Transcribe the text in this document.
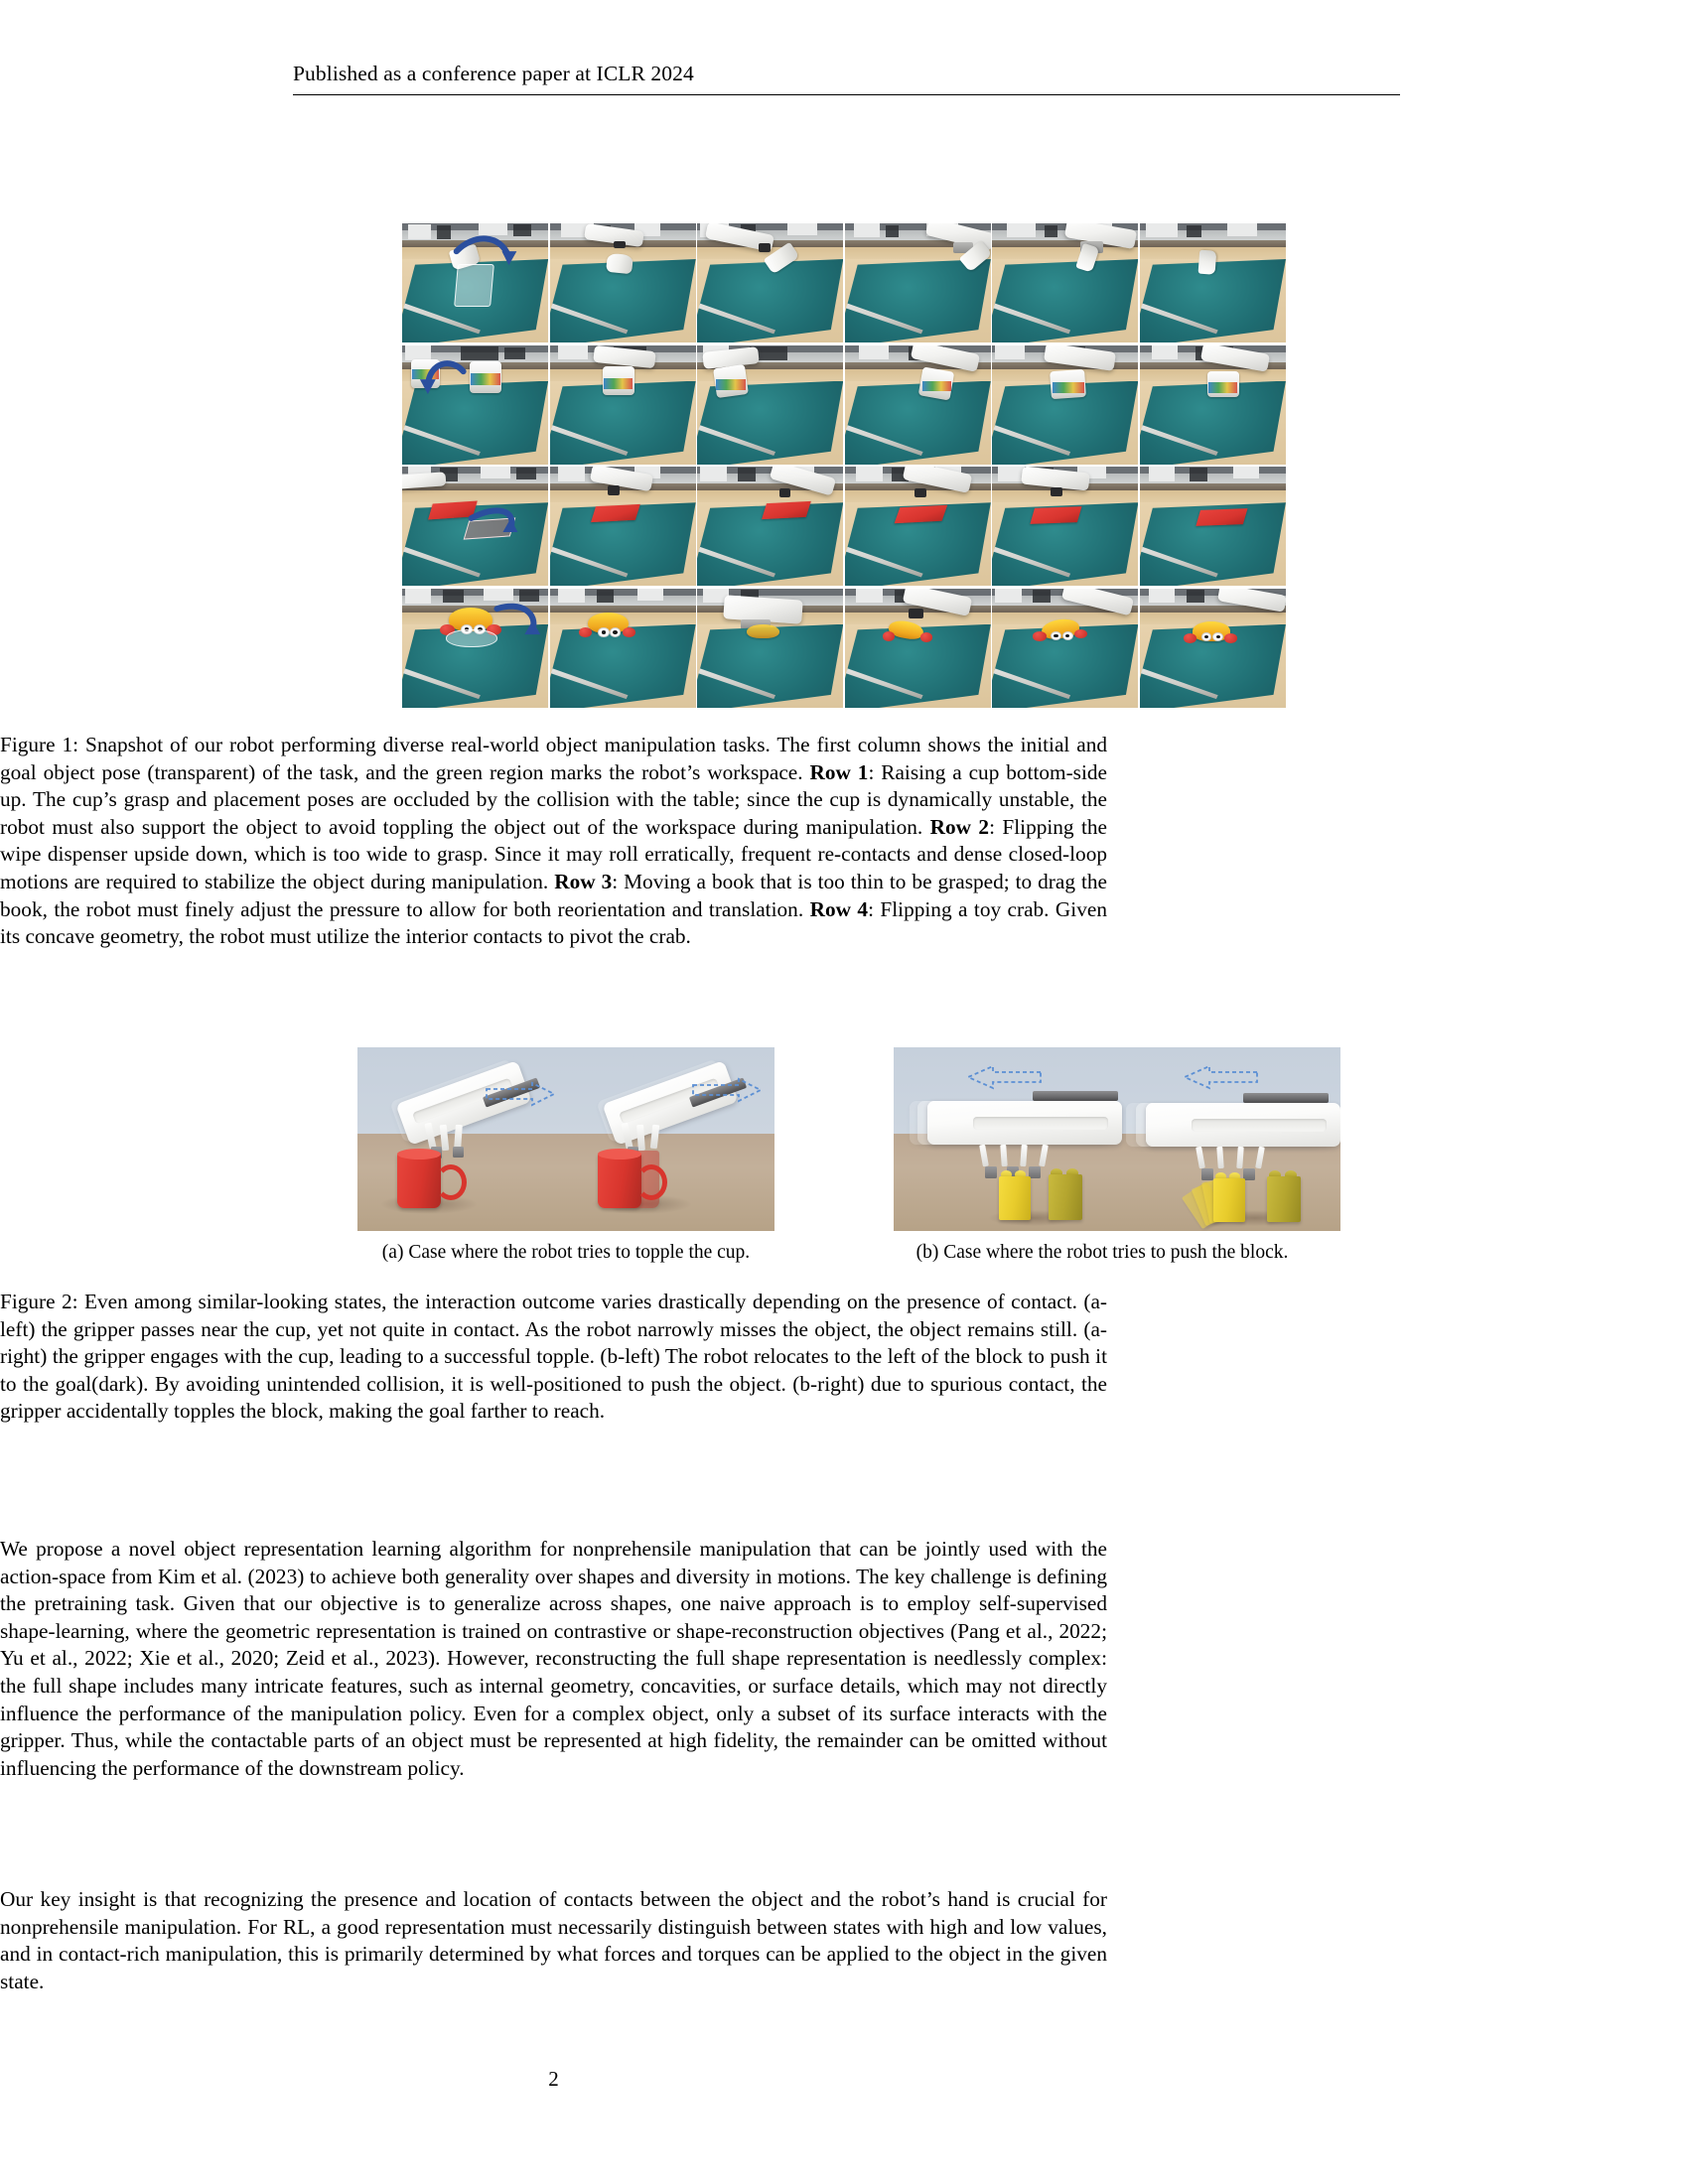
Published as a conference paper at ICLR 2024

Figure 1: Snapshot of our robot performing diverse real-world object manipulation tasks. The first column shows the initial and goal object pose (transparent) of the task, and the green region marks the robot’s workspace. Row 1: Raising a cup bottom-side up. The cup’s grasp and placement poses are occluded by the collision with the table; since the cup is dynamically unstable, the robot must also support the object to avoid toppling the object out of the workspace during manipulation. Row 2: Flipping the wipe dispenser upside down, which is too wide to grasp. Since it may roll erratically, frequent re-contacts and dense closed-loop motions are required to stabilize the object during manipulation. Row 3: Moving a book that is too thin to be grasped; to drag the book, the robot must finely adjust the pressure to allow for both reorientation and translation. Row 4: Flipping a toy crab. Given its concave geometry, the robot must utilize the interior contacts to pivot the crab.

(a) Case where the robot tries to topple the cup.	(b) Case where the robot tries to push the block.

Figure 2: Even among similar-looking states, the interaction outcome varies drastically depending on the presence of contact. (a-left) the gripper passes near the cup, yet not quite in contact. As the robot narrowly misses the object, the object remains still. (a-right) the gripper engages with the cup, leading to a successful topple. (b-left) The robot relocates to the left of the block to push it to the goal(dark). By avoiding unintended collision, it is well-positioned to push the object. (b-right) due to spurious contact, the gripper accidentally topples the block, making the goal farther to reach.

We propose a novel object representation learning algorithm for nonprehensile manipulation that can be jointly used with the action-space from Kim et al. (2023) to achieve both generality over shapes and diversity in motions. The key challenge is defining the pretraining task. Given that our objective is to generalize across shapes, one naive approach is to employ self-supervised shape-learning, where the geometric representation is trained on contrastive or shape-reconstruction objectives (Pang et al., 2022; Yu et al., 2022; Xie et al., 2020; Zeid et al., 2023). However, reconstructing the full shape representation is needlessly complex: the full shape includes many intricate features, such as internal geometry, concavities, or surface details, which may not directly influence the performance of the manipulation policy. Even for a complex object, only a subset of its surface interacts with the gripper. Thus, while the contactable parts of an object must be represented at high fidelity, the remainder can be omitted without influencing the performance of the downstream policy.

Our key insight is that recognizing the presence and location of contacts between the object and the robot’s hand is crucial for nonprehensile manipulation. For RL, a good representation must necessarily distinguish between states with high and low values, and in contact-rich manipulation, this is primarily determined by what forces and torques can be applied to the object in the given state.

2
